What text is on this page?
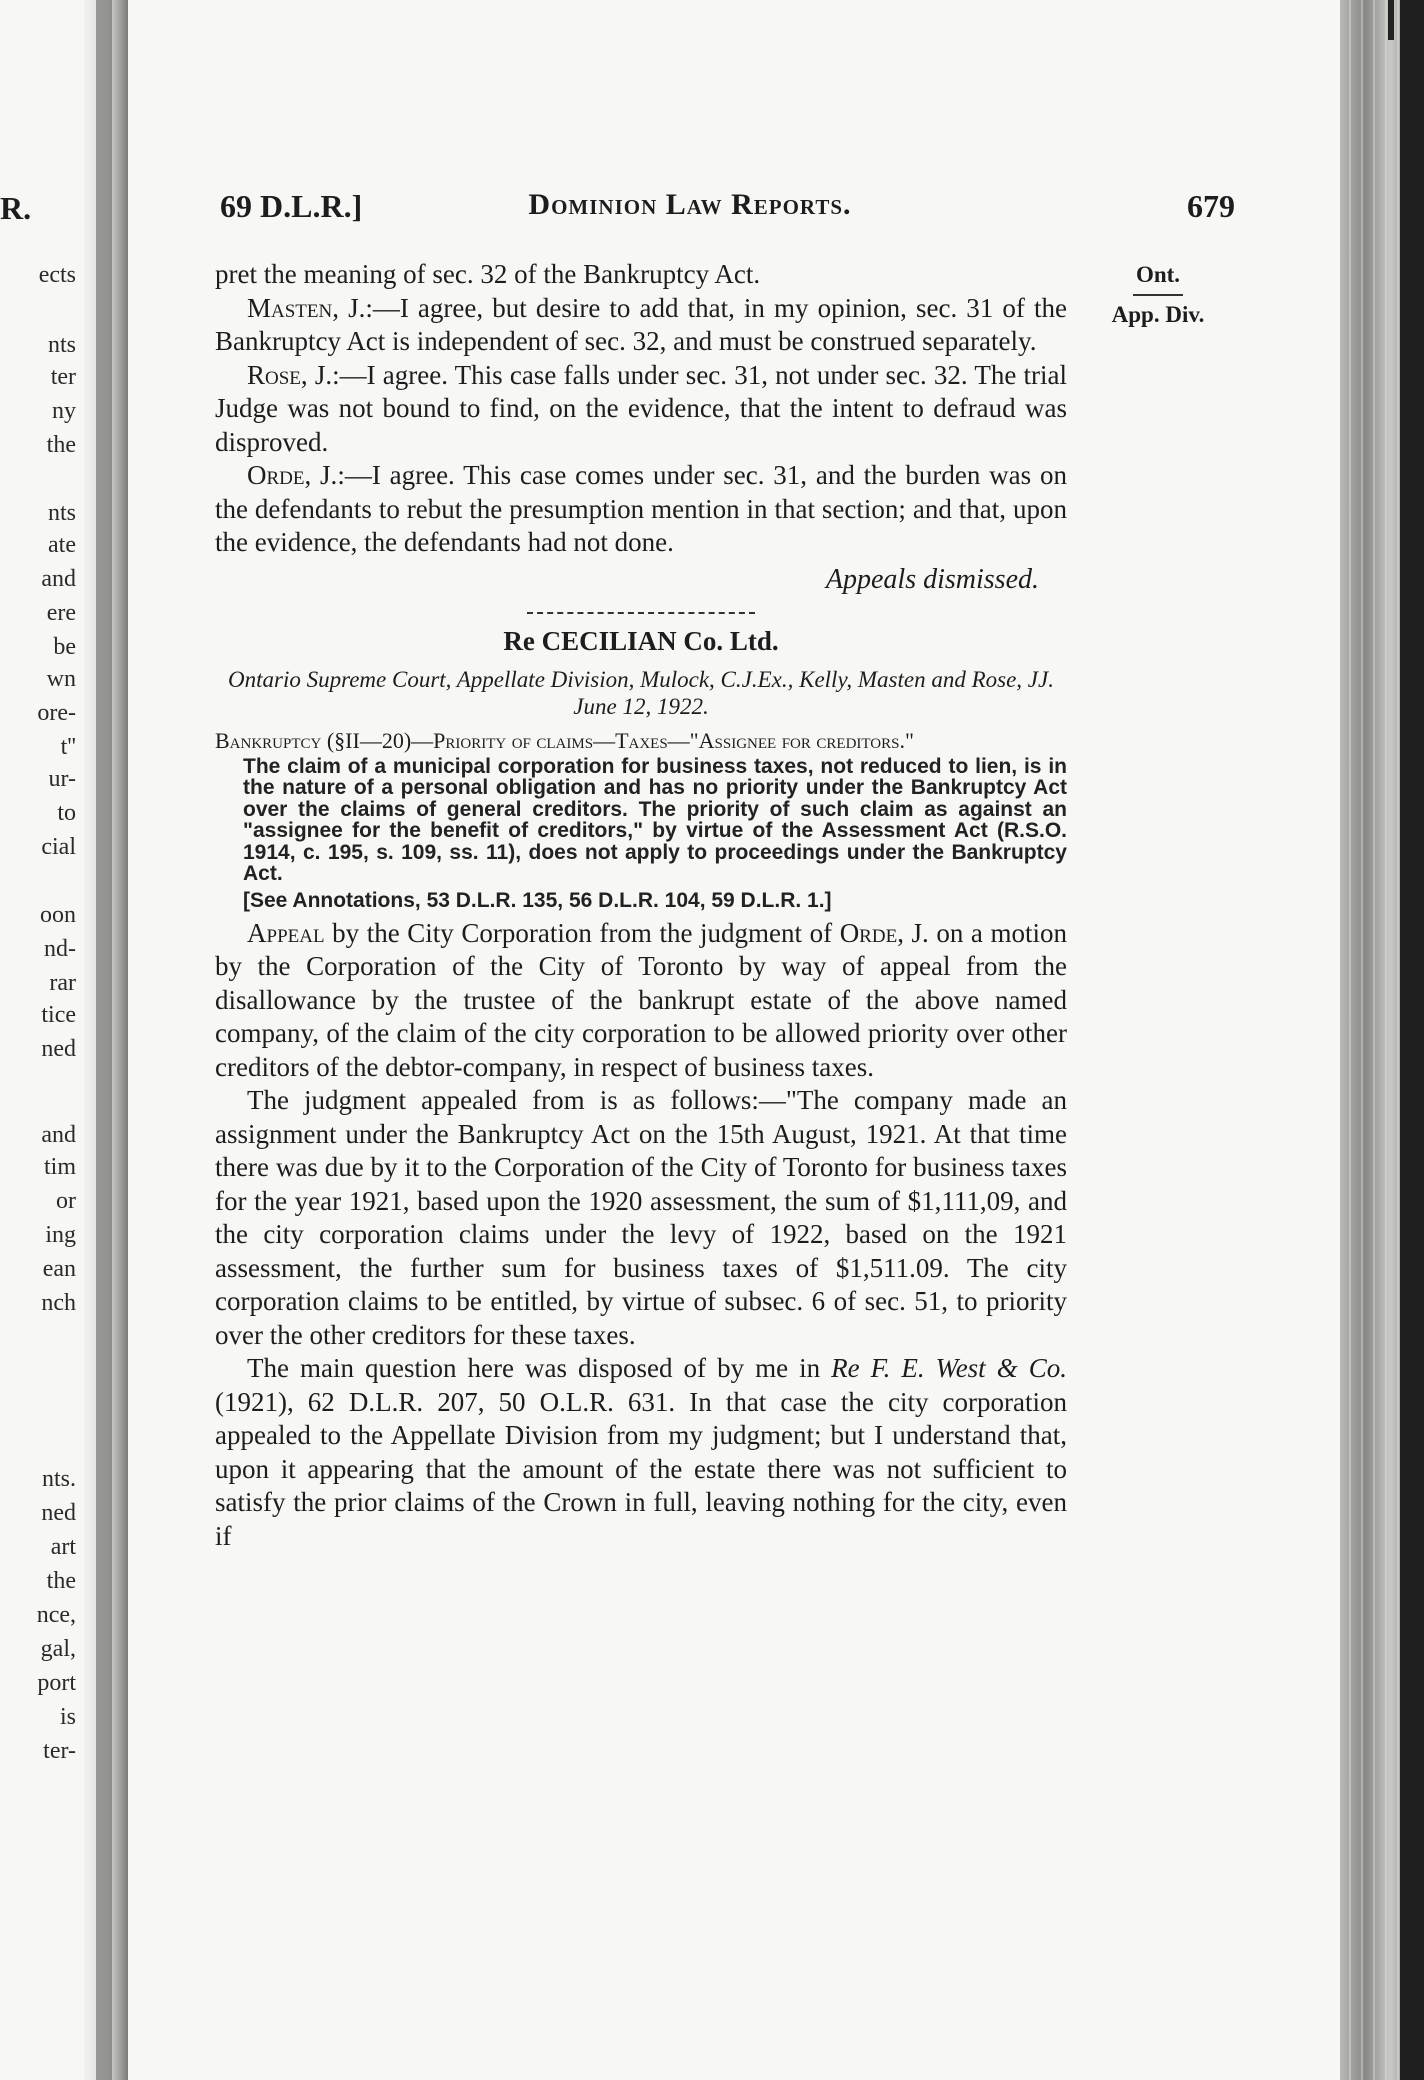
R.
ects
nts
ter
ny
the
nts
ate
and
ere
be
wn
ore-
t''
ur-
to
cial
oon
nd-
rar
tice
ned
and
tim
or
ing
ean
nch
nts.
ned
art
the
nce,
gal,
port
is
ter-
69 D.L.R.]	Dominion Law Reports.	679
Ont.
App. Div.

pret the meaning of sec. 32 of the Bankruptcy Act.

Masten, J.:—I agree, but desire to add that, in my opinion, sec. 31 of the Bankruptcy Act is independent of sec. 32, and must be construed separately.

Rose, J.:—I agree. This case falls under sec. 31, not under sec. 32. The trial Judge was not bound to find, on the evidence, that the intent to defraud was disproved.

Orde, J.:—I agree. This case comes under sec. 31, and the burden was on the defendants to rebut the presumption mention in that section; and that, upon the evidence, the defendants had not done.

Appeals dismissed.

Re CECILIAN Co. Ltd.

Ontario Supreme Court, Appellate Division, Mulock, C.J.Ex., Kelly, Masten and Rose, JJ. June 12, 1922.

Bankruptcy (§II—20)—Priority of claims—Taxes—"Assignee for creditors."

The claim of a municipal corporation for business taxes, not reduced to lien, is in the nature of a personal obligation and has no priority under the Bankruptcy Act over the claims of general creditors. The priority of such claim as against an "assignee for the benefit of creditors," by virtue of the Assessment Act (R.S.O. 1914, c. 195, s. 109, ss. 11), does not apply to proceedings under the Bankruptcy Act.

[See Annotations, 53 D.L.R. 135, 56 D.L.R. 104, 59 D.L.R. 1.]

Appeal by the City Corporation from the judgment of Orde, J. on a motion by the Corporation of the City of Toronto by way of appeal from the disallowance by the trustee of the bankrupt estate of the above named company, of the claim of the city corporation to be allowed priority over other creditors of the debtor-company, in respect of business taxes.

The judgment appealed from is as follows:—"The company made an assignment under the Bankruptcy Act on the 15th August, 1921. At that time there was due by it to the Corporation of the City of Toronto for business taxes for the year 1921, based upon the 1920 assessment, the sum of $1,111,09, and the city corporation claims under the levy of 1922, based on the 1921 assessment, the further sum for business taxes of $1,511.09. The city corporation claims to be entitled, by virtue of subsec. 6 of sec. 51, to priority over the other creditors for these taxes.

The main question here was disposed of by me in Re F. E. West & Co. (1921), 62 D.L.R. 207, 50 O.L.R. 631. In that case the city corporation appealed to the Appellate Division from my judgment; but I understand that, upon it appearing that the amount of the estate there was not sufficient to satisfy the prior claims of the Crown in full, leaving nothing for the city, even if
